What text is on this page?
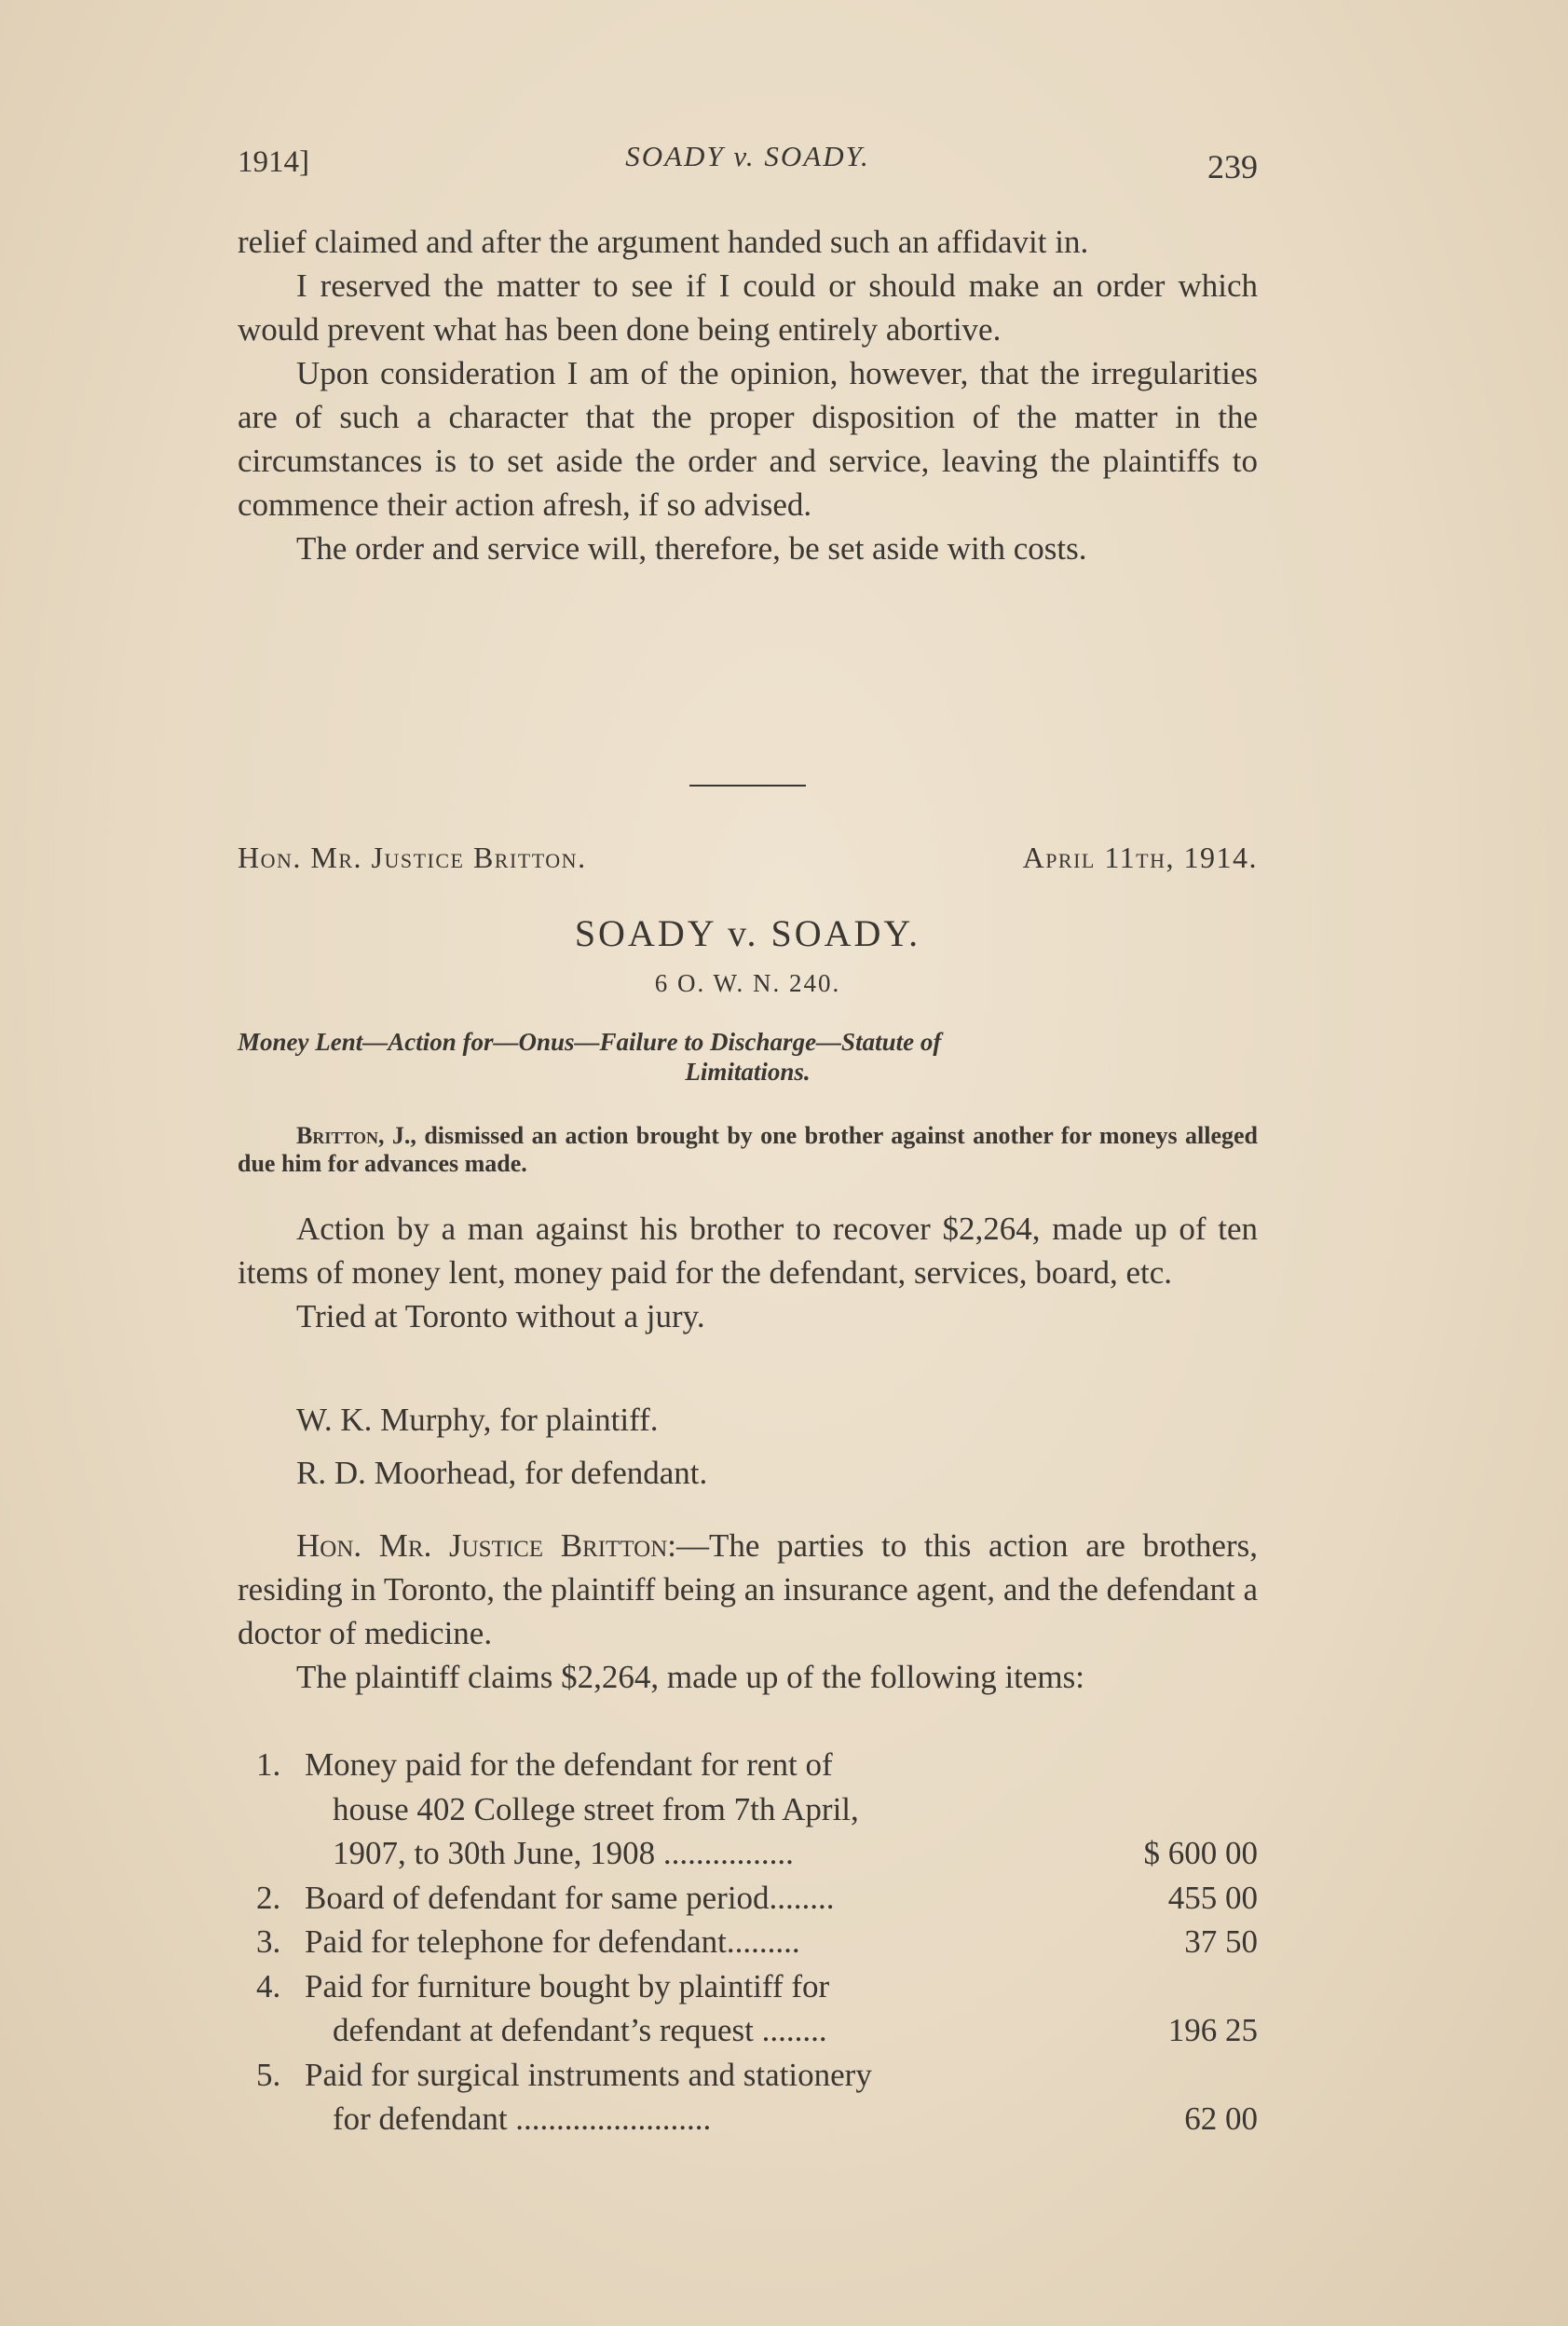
1914]	SOADY v. SOADY.	239

relief claimed and after the argument handed such an affidavit in.

I reserved the matter to see if I could or should make an order which would prevent what has been done being entirely abortive.

Upon consideration I am of the opinion, however, that the irregularities are of such a character that the proper disposition of the matter in the circumstances is to set aside the order and service, leaving the plaintiffs to commence their action afresh, if so advised.

The order and service will, therefore, be set aside with costs.

Hon. Mr. Justice Britton.	April 11th, 1914.
SOADY v. SOADY.
6 O. W. N. 240.
Money Lent—Action for—Onus—Failure to Discharge—Statute of
Limitations.
Britton, J., dismissed an action brought by one brother against another for moneys alleged due him for advances made.

Action by a man against his brother to recover $2,264, made up of ten items of money lent, money paid for the defendant, services, board, etc.

Tried at Toronto without a jury.

W. K. Murphy, for plaintiff.

R. D. Moorhead, for defendant.

Hon. Mr. Justice Britton:—The parties to this action are brothers, residing in Toronto, the plaintiff being an insurance agent, and the defendant a doctor of medicine.

The plaintiff claims $2,264, made up of the following items:

1. Money paid for the defendant for rent of
house 402 College street from 7th April,
1907, to 30th June, 1908 ................	$ 600 00
2. Board of defendant for same period........	455 00
3. Paid for telephone for defendant.........	37 50
4. Paid for furniture bought by plaintiff for
defendant at defendant’s request ........	196 25
5. Paid for surgical instruments and stationery
for defendant ........................	62 00
